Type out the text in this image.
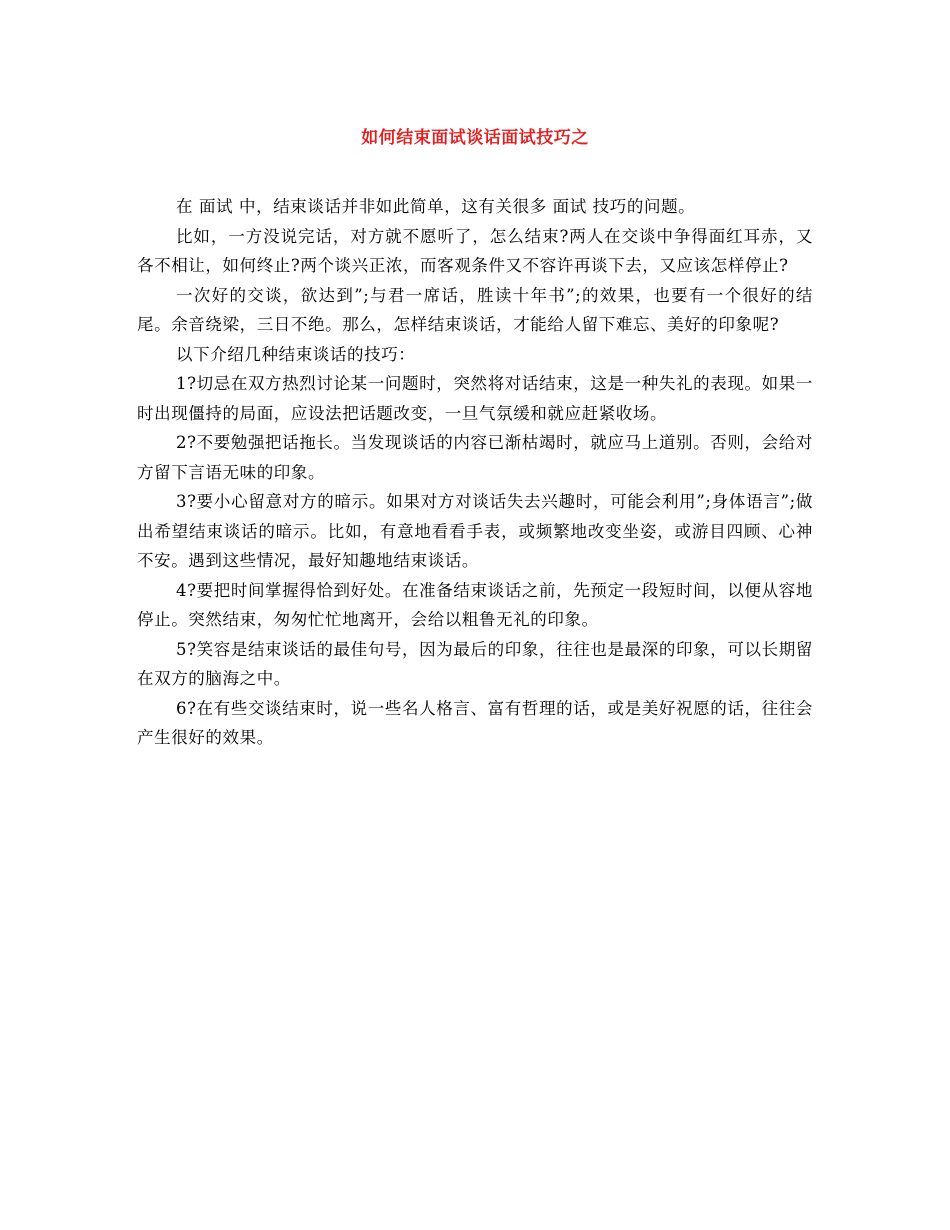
如何结束面试谈话面试技巧之

在 面试 中，结束谈话并非如此简单，这有关很多 面试 技巧的问题。

比如，一方没说完话，对方就不愿听了，怎么结束?两人在交谈中争得面红耳赤，又各不相让，如何终止?两个谈兴正浓，而客观条件又不容许再谈下去，又应该怎样停止?

一次好的交谈，欲达到”;与君一席话，胜读十年书”;的效果，也要有一个很好的结尾。余音绕梁，三日不绝。那么，怎样结束谈话，才能给人留下难忘、美好的印象呢?

以下介绍几种结束谈话的技巧：

1?切忌在双方热烈讨论某一问题时，突然将对话结束，这是一种失礼的表现。如果一时出现僵持的局面，应设法把话题改变，一旦气氛缓和就应赶紧收场。

2?不要勉强把话拖长。当发现谈话的内容已渐枯竭时，就应马上道别。否则，会给对方留下言语无味的印象。

3?要小心留意对方的暗示。如果对方对谈话失去兴趣时，可能会利用”;身体语言”;做出希望结束谈话的暗示。比如，有意地看看手表，或频繁地改变坐姿，或游目四顾、心神不安。遇到这些情况，最好知趣地结束谈话。

4?要把时间掌握得恰到好处。在准备结束谈话之前，先预定一段短时间，以便从容地停止。突然结束，匆匆忙忙地离开，会给以粗鲁无礼的印象。

5?笑容是结束谈话的最佳句号，因为最后的印象，往往也是最深的印象，可以长期留在双方的脑海之中。

6?在有些交谈结束时，说一些名人格言、富有哲理的话，或是美好祝愿的话，往往会产生很好的效果。
